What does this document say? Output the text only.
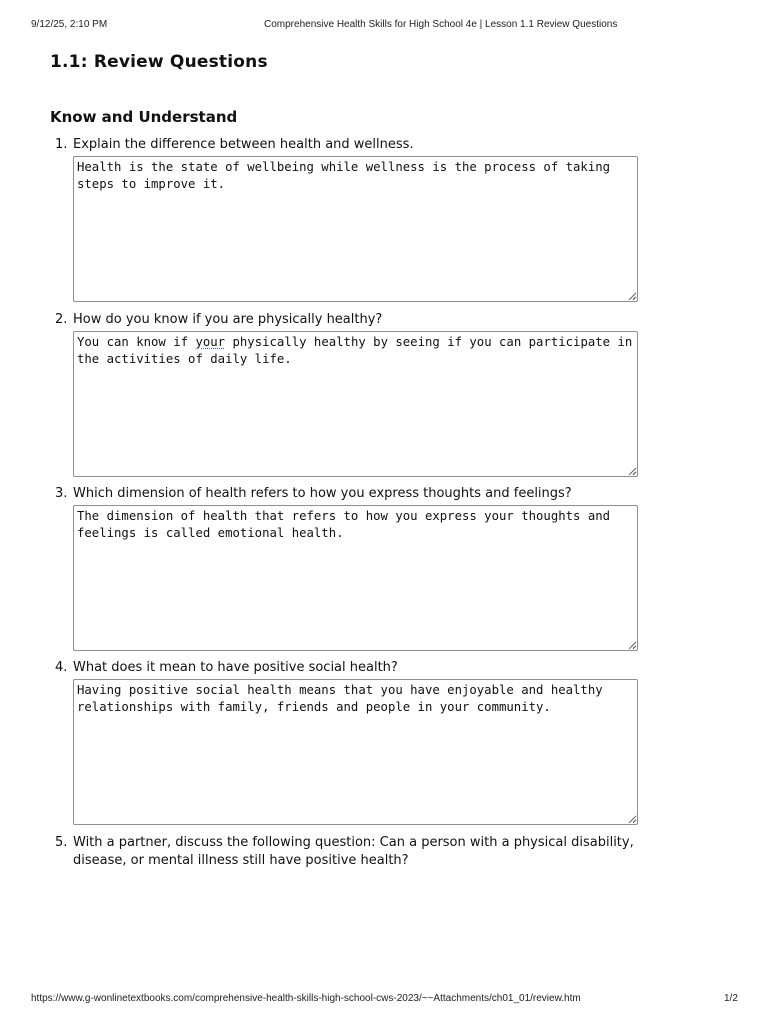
9/12/25, 2:10 PM	Comprehensive Health Skills for High School 4e | Lesson 1.1 Review Questions
1.1: Review Questions
Know and Understand
1. Explain the difference between health and wellness.
Health is the state of wellbeing while wellness is the process of taking steps to improve it.
2. How do you know if you are physically healthy?
You can know if your physically healthy by seeing if you can participate in the activities of daily life.
3. Which dimension of health refers to how you express thoughts and feelings?
The dimension of health that refers to how you express your thoughts and feelings is called emotional health.
4. What does it mean to have positive social health?
Having positive social health means that you have enjoyable and healthy relationships with family, friends and people in your community.
5. With a partner, discuss the following question: Can a person with a physical disability, disease, or mental illness still have positive health?
https://www.g-wonlinetextbooks.com/comprehensive-health-skills-high-school-cws-2023/~~Attachments/ch01_01/review.htm	1/2
